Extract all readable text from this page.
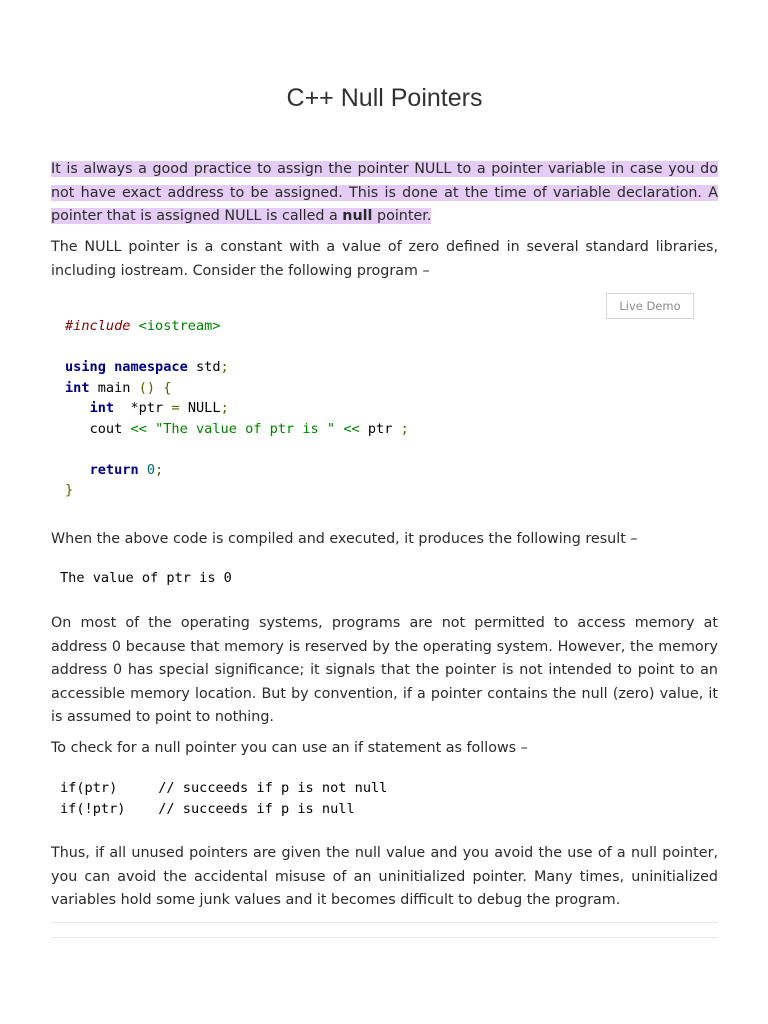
C++ Null Pointers

It is always a good practice to assign the pointer NULL to a pointer variable in case you do not have exact address to be assigned. This is done at the time of variable declaration. A pointer that is assigned NULL is called a null pointer.

The NULL pointer is a constant with a value of zero defined in several standard libraries, including iostream. Consider the following program –

Live Demo
#include <iostream>

using namespace std;
int main () {
int *ptr = NULL;
cout << "The value of ptr is " << ptr ;

return 0;
}

When the above code is compiled and executed, it produces the following result –

The value of ptr is 0

On most of the operating systems, programs are not permitted to access memory at address 0 because that memory is reserved by the operating system. However, the memory address 0 has special significance; it signals that the pointer is not intended to point to an accessible memory location. But by convention, if a pointer contains the null (zero) value, it is assumed to point to nothing.

To check for a null pointer you can use an if statement as follows –

if(ptr)     // succeeds if p is not null
if(!ptr)    // succeeds if p is null

Thus, if all unused pointers are given the null value and you avoid the use of a null pointer, you can avoid the accidental misuse of an uninitialized pointer. Many times, uninitialized variables hold some junk values and it becomes difficult to debug the program.
